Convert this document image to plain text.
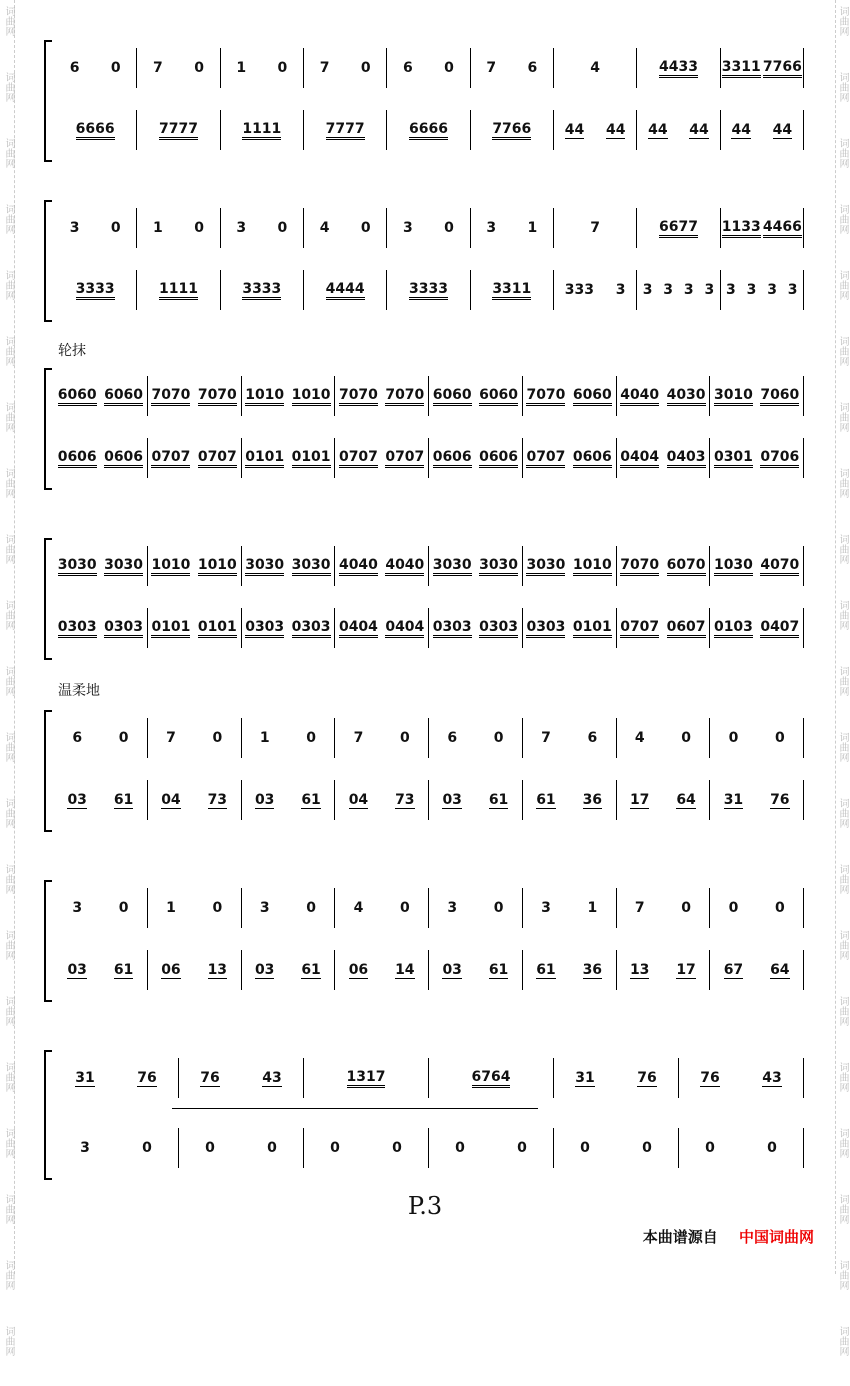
词曲网
词曲网
词曲网
词曲网
词曲网
词曲网
词曲网
词曲网
词曲网
词曲网
词曲网
词曲网
词曲网
词曲网
词曲网
词曲网
词曲网
词曲网
词曲网
词曲网
词曲网
词曲网
词曲网
词曲网
词曲网
词曲网
词曲网
词曲网
词曲网
词曲网
词曲网
词曲网
词曲网
词曲网
词曲网
词曲网
词曲网
词曲网
词曲网
词曲网
词曲网
词曲网
6 0 7 0 1 0 7 0 6 0 7 6	4	4433 3311 7766
6666	7777	1111	7777	6666	7766 44 44 44 44 44 44
3 0 1 0 3 0 4 0 3 0 3 1	7	6677 1133 4466
3333	1111	3333	4444	3333	3311 333 3 3 3 3 3 3 3 3 3
6060 6060 7070 7070 1010 1010 7070 7070 6060 6060 7070 6060 4040 4030 3010 7060
0606 0606 0707 0707 0101 0101 0707 0707 0606 0606 0707 0606 0404 0403 0301 0706
3030 3030 1010 1010 3030 3030 4040 4040 3030 3030 3030 1010 7070 6070 1030 4070
0303 0303 0101 0101 0303 0303 0404 0404 0303 0303 0303 0101 0707 0607 0103 0407
6	0	7	0	1	0	7	0	6	0	7	6	4	0	0	0
03 61 04 73 03 61 04 73 03 61 61 36 17 64 31 76
3	0	1	0	3	0	4	0	3	0	3	1	7	0	0	0
03 61 06 13 03 61 06 14 03 61 61 36 13 17 67 64
31	76	76	43	1317	6764	31	76	76	43
3	0	0	0	0	0	0	0	0	0	0	0
轮抹
温柔地
P.3
本曲谱源自 中国词曲网
